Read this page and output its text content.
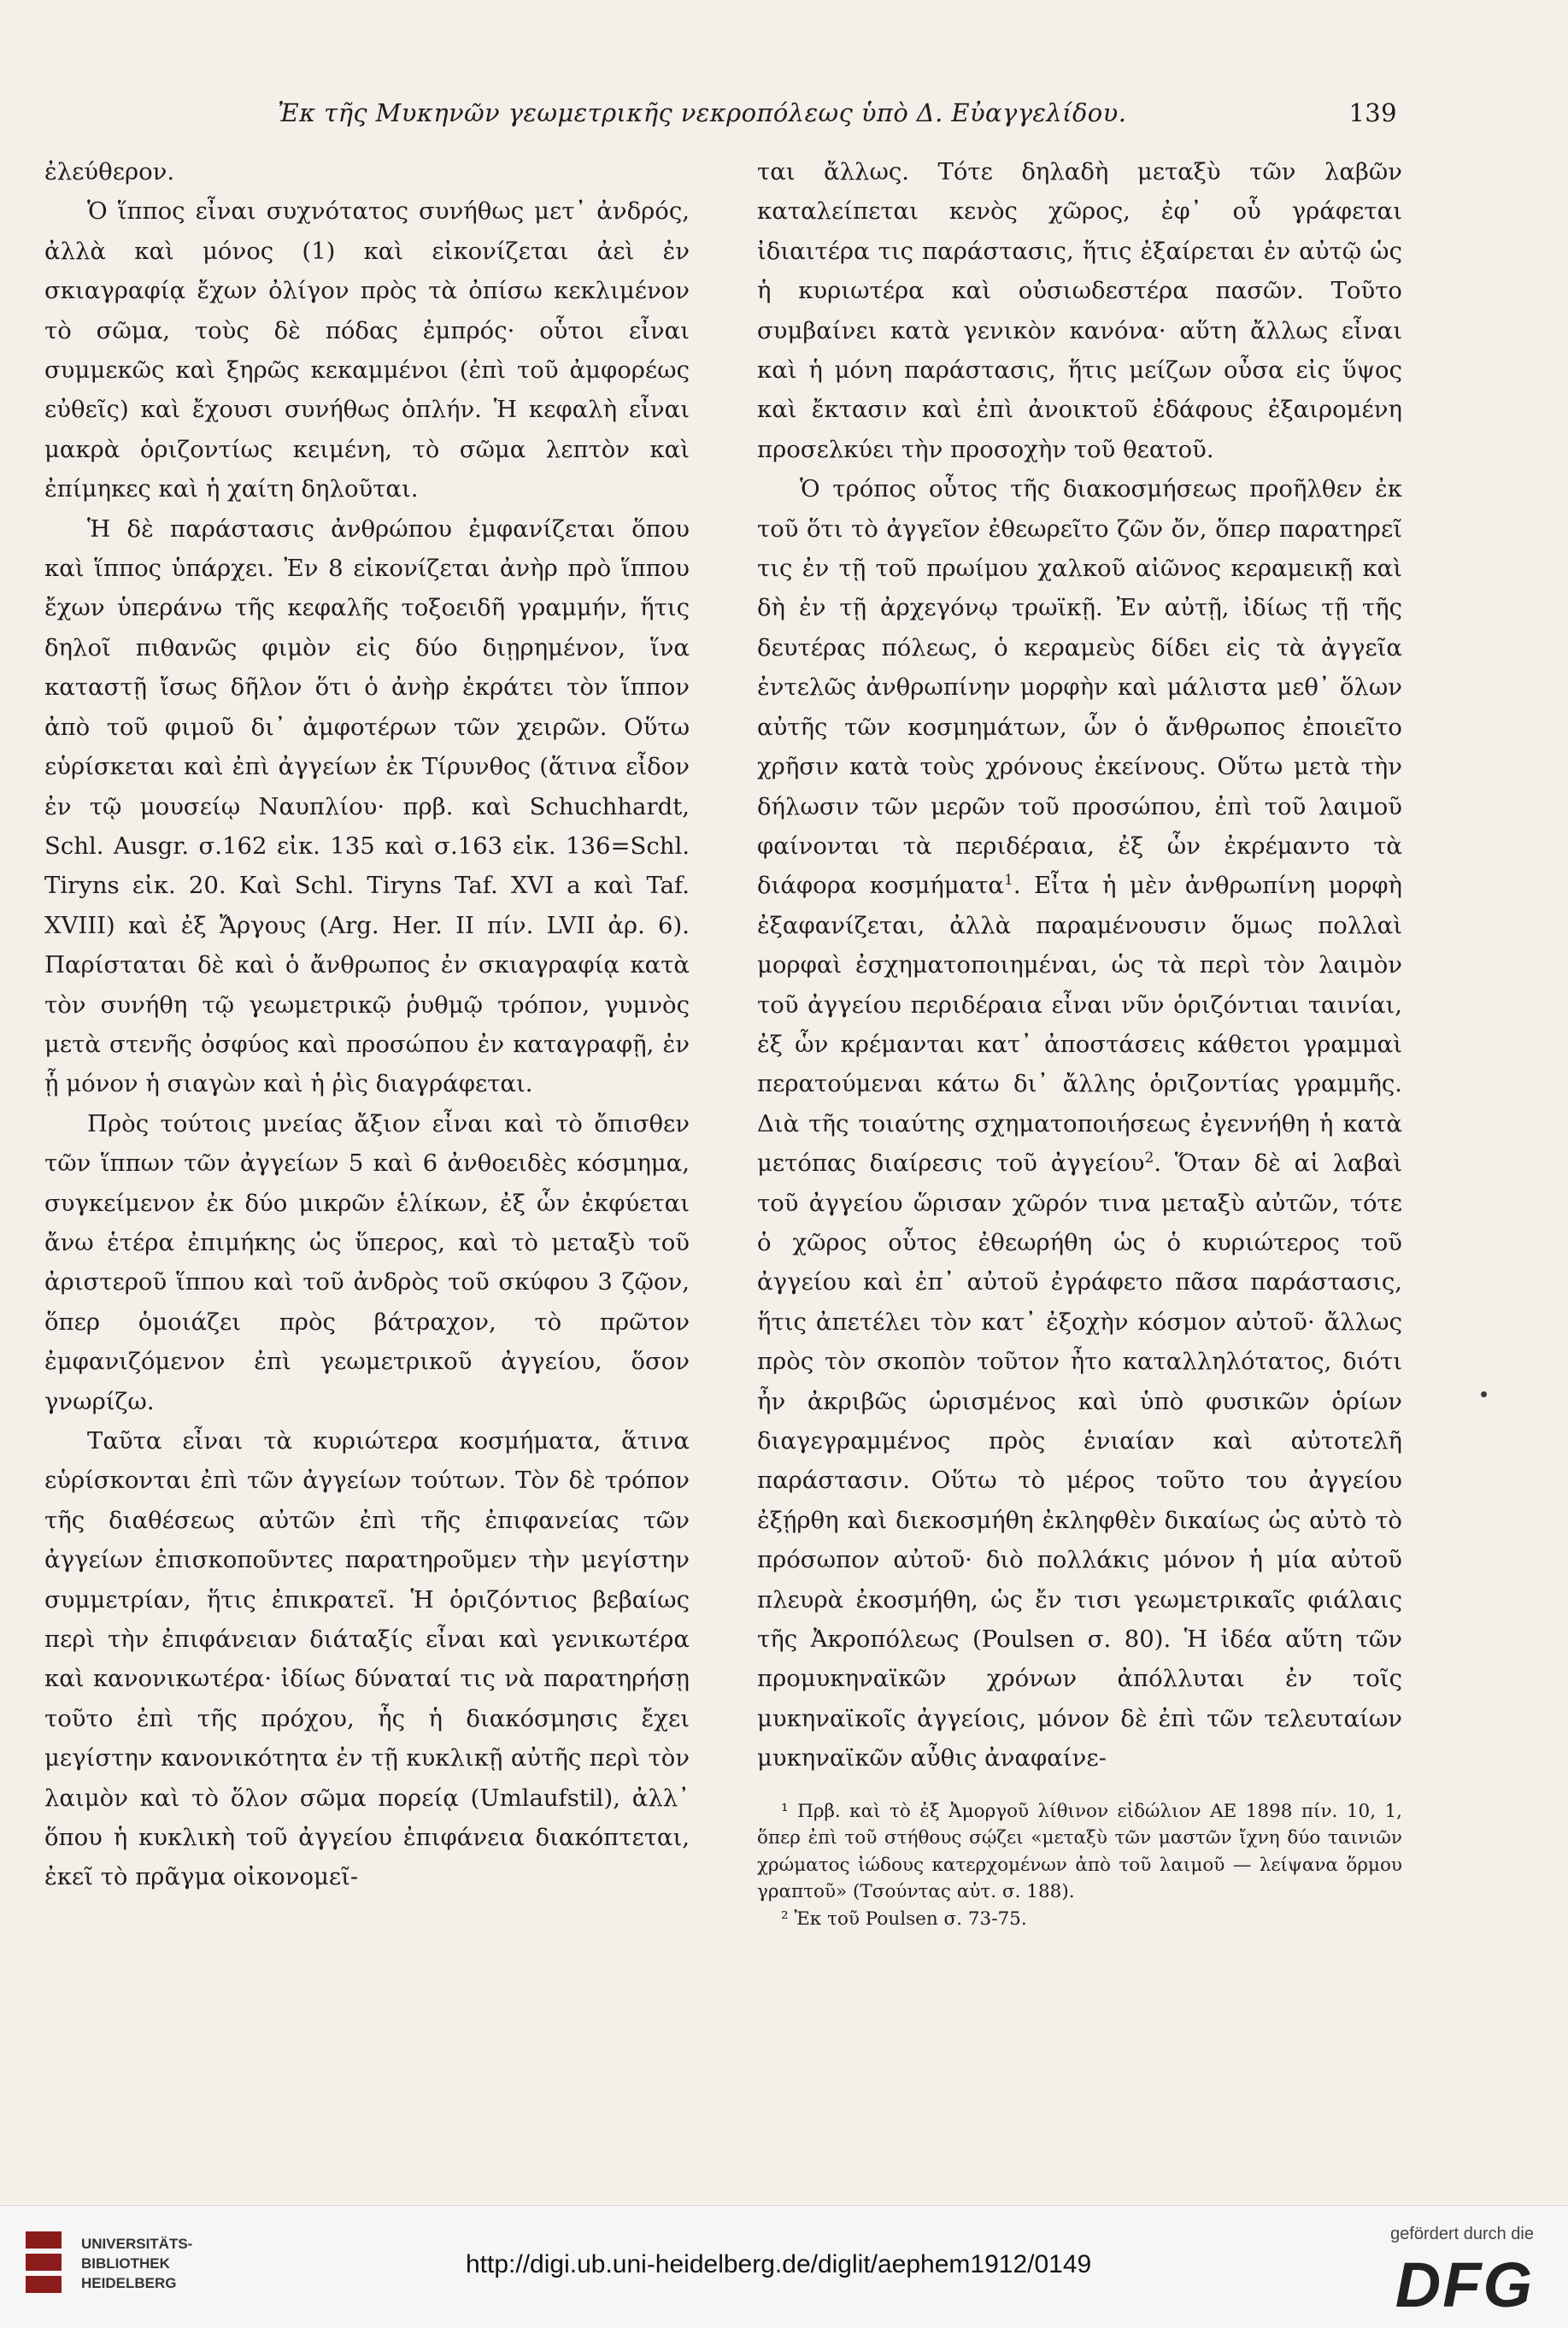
Ἐκ τῆς Μυκηνῶν γεωμετρικῆς νεκροπόλεως ὑπὸ Δ. Εὐαγγελίδου.	139

ἐλεύθερον.

Ὁ ἵππος εἶναι συχνότατος συνήθως μετ᾽ ἀνδρός, ἀλλὰ καὶ μόνος (1) καὶ εἰκονίζεται ἀεὶ ἐν σκιαγραφίᾳ ἔχων ὀλίγον πρὸς τὰ ὀπίσω κεκλιμένον τὸ σῶμα, τοὺς δὲ πόδας ἐμπρός· οὗτοι εἶναι συμμεκῶς καὶ ξηρῶς κεκαμμένοι (ἐπὶ τοῦ ἀμφορέως εὐθεῖς) καὶ ἔχουσι συνήθως ὁπλήν. Ἡ κεφαλὴ εἶναι μακρὰ ὁριζοντίως κειμένη, τὸ σῶμα λεπτὸν καὶ ἐπίμηκες καὶ ἡ χαίτη δηλοῦται.

Ἡ δὲ παράστασις ἀνθρώπου ἐμφανίζεται ὅπου καὶ ἵππος ὑπάρχει. Ἐν 8 εἰκονίζεται ἀνὴρ πρὸ ἵππου ἔχων ὑπεράνω τῆς κεφαλῆς τοξοειδῆ γραμμήν, ἥτις δηλοῖ πιθανῶς φιμὸν εἰς δύο διῃρημένον, ἵνα καταστῇ ἴσως δῆλον ὅτι ὁ ἀνὴρ ἐκράτει τὸν ἵππον ἀπὸ τοῦ φιμοῦ δι᾽ ἀμφοτέρων τῶν χειρῶν. Οὕτω εὑρίσκεται καὶ ἐπὶ ἀγγείων ἐκ Τίρυνθος (ἅτινα εἶδον ἐν τῷ μουσείῳ Ναυπλίου· πρβ. καὶ Schuchhardt, Schl. Ausgr. σ.162 εἰκ. 135 καὶ σ.163 εἰκ. 136=Schl. Tiryns εἰκ. 20. Καὶ Schl. Tiryns Taf. XVI a καὶ Taf. XVIII) καὶ ἐξ Ἄργους (Arg. Her. II πίν. LVII ἀρ. 6). Παρίσταται δὲ καὶ ὁ ἄνθρωπος ἐν σκιαγραφίᾳ κατὰ τὸν συνήθη τῷ γεωμετρικῷ ῥυθμῷ τρόπον, γυμνὸς μετὰ στενῆς ὀσφύος καὶ προσώπου ἐν καταγραφῇ, ἐν ᾗ μόνον ἡ σιαγὼν καὶ ἡ ῥὶς διαγράφεται.

Πρὸς τούτοις μνείας ἄξιον εἶναι καὶ τὸ ὄπισθεν τῶν ἵππων τῶν ἀγγείων 5 καὶ 6 ἀνθοειδὲς κόσμημα, συγκείμενον ἐκ δύο μικρῶν ἑλίκων, ἐξ ὧν ἐκφύεται ἄνω ἑτέρα ἐπιμήκης ὡς ὕπερος, καὶ τὸ μεταξὺ τοῦ ἀριστεροῦ ἵππου καὶ τοῦ ἀνδρὸς τοῦ σκύφου 3 ζῷον, ὅπερ ὁμοιάζει πρὸς βάτραχον, τὸ πρῶτον ἐμφανιζόμενον ἐπὶ γεωμετρικοῦ ἀγγείου, ὅσον γνωρίζω.

Ταῦτα εἶναι τὰ κυριώτερα κοσμήματα, ἅτινα εὑρίσκονται ἐπὶ τῶν ἀγγείων τούτων. Τὸν δὲ τρόπον τῆς διαθέσεως αὐτῶν ἐπὶ τῆς ἐπιφανείας τῶν ἀγγείων ἐπισκοποῦντες παρατηροῦμεν τὴν μεγίστην συμμετρίαν, ἥτις ἐπικρατεῖ. Ἡ ὁριζόντιος βεβαίως περὶ τὴν ἐπιφάνειαν διάταξίς εἶναι καὶ γενικωτέρα καὶ κανονικωτέρα· ἰδίως δύναταί τις νὰ παρατηρήσῃ τοῦτο ἐπὶ τῆς πρόχου, ἧς ἡ διακόσμησις ἔχει μεγίστην κανονικότητα ἐν τῇ κυκλικῇ αὐτῆς περὶ τὸν λαιμὸν καὶ τὸ ὅλον σῶμα πορείᾳ (Umlaufstil), ἀλλ᾽ ὅπου ἡ κυκλικὴ τοῦ ἀγγείου ἐπιφάνεια διακόπτεται, ἐκεῖ τὸ πρᾶγμα οἰκονομεῖ-

ται ἄλλως. Τότε δηλαδὴ μεταξὺ τῶν λαβῶν καταλείπεται κενὸς χῶρος, ἐφ᾽ οὗ γράφεται ἰδιαιτέρα τις παράστασις, ἥτις ἐξαίρεται ἐν αὐτῷ ὡς ἡ κυριωτέρα καὶ οὐσιωδεστέρα πασῶν. Τοῦτο συμβαίνει κατὰ γενικὸν κανόνα· αὕτη ἄλλως εἶναι καὶ ἡ μόνη παράστασις, ἥτις μείζων οὖσα εἰς ὕψος καὶ ἔκτασιν καὶ ἐπὶ ἀνοικτοῦ ἐδάφους ἐξαιρομένη προσελκύει τὴν προσοχὴν τοῦ θεατοῦ.

Ὁ τρόπος οὗτος τῆς διακοσμήσεως προῆλθεν ἐκ τοῦ ὅτι τὸ ἀγγεῖον ἐθεωρεῖτο ζῶν ὄν, ὅπερ παρατηρεῖ τις ἐν τῇ τοῦ πρωίμου χαλκοῦ αἰῶνος κεραμεικῇ καὶ δὴ ἐν τῇ ἀρχεγόνῳ τρωϊκῇ. Ἐν αὐτῇ, ἰδίως τῇ τῆς δευτέρας πόλεως, ὁ κεραμεὺς δίδει εἰς τὰ ἀγγεῖα ἐντελῶς ἀνθρωπίνην μορφὴν καὶ μάλιστα μεθ᾽ ὅλων αὐτῆς τῶν κοσμημάτων, ὧν ὁ ἄνθρωπος ἐποιεῖτο χρῆσιν κατὰ τοὺς χρόνους ἐκείνους. Οὕτω μετὰ τὴν δήλωσιν τῶν μερῶν τοῦ προσώπου, ἐπὶ τοῦ λαιμοῦ φαίνονται τὰ περιδέραια, ἐξ ὧν ἐκρέμαντο τὰ διάφορα κοσμήματα$^1$. Εἶτα ἡ μὲν ἀνθρωπίνη μορφὴ ἐξαφανίζεται, ἀλλὰ παραμένουσιν ὅμως πολλαὶ μορφαὶ ἐσχηματοποιημέναι, ὡς τὰ περὶ τὸν λαιμὸν τοῦ ἀγγείου περιδέραια εἶναι νῦν ὁριζόντιαι ταινίαι, ἐξ ὧν κρέμανται κατ᾽ ἀποστάσεις κάθετοι γραμμαὶ περατούμεναι κάτω δι᾽ ἄλλης ὁριζοντίας γραμμῆς. Διὰ τῆς τοιαύτης σχηματοποιήσεως ἐγεννήθη ἡ κατὰ μετόπας διαίρεσις τοῦ ἀγγείου$^2$. Ὅταν δὲ αἱ λαβαὶ τοῦ ἀγγείου ὥρισαν χῶρόν τινα μεταξὺ αὐτῶν, τότε ὁ χῶρος οὗτος ἐθεωρήθη ὡς ὁ κυριώτερος τοῦ ἀγγείου καὶ ἐπ᾽ αὐτοῦ ἐγράφετο πᾶσα παράστασις, ἥτις ἀπετέλει τὸν κατ᾽ ἐξοχὴν κόσμον αὐτοῦ· ἄλλως πρὸς τὸν σκοπὸν τοῦτον ἦτο καταλληλότατος, διότι ἦν ἀκριβῶς ὡρισμένος καὶ ὑπὸ φυσικῶν ὁρίων διαγεγραμμένος πρὸς ἑνιαίαν καὶ αὐτοτελῆ παράστασιν. Οὕτω τὸ μέρος τοῦτο του ἀγγείου ἐξῄρθη καὶ διεκοσμήθη ἐκληφθὲν δικαίως ὡς αὐτὸ τὸ πρόσωπον αὐτοῦ· διὸ πολλάκις μόνον ἡ μία αὐτοῦ πλευρὰ ἐκοσμήθη, ὡς ἔν τισι γεωμετρικαῖς φιάλαις τῆς Ἀκροπόλεως (Poulsen σ. 80). Ἡ ἰδέα αὕτη τῶν προμυκηναϊκῶν χρόνων ἀπόλλυται ἐν τοῖς μυκηναϊκοῖς ἀγγείοις, μόνον δὲ ἐπὶ τῶν τελευταίων μυκηναϊκῶν αὖθις ἀναφαίνε-

¹ Πρβ. καὶ τὸ ἐξ Ἀμοργοῦ λίθινον εἰδώλιον ΑΕ 1898 πίν. 10, 1, ὅπερ ἐπὶ τοῦ στήθους σῴζει «μεταξὺ τῶν μαστῶν ἴχνη δύο ταινιῶν χρώματος ἰώδους κατερχομένων ἀπὸ τοῦ λαιμοῦ — λείψανα ὅρμου γραπτοῦ» (Τσούντας αὐτ. σ. 188).

² Ἐκ τοῦ Poulsen σ. 73-75.

UNIVERSITÄTS-
BIBLIOTHEK
HEIDELBERG
http://digi.ub.uni-heidelberg.de/diglit/aephem1912/0149
gefördert durch die
DFG
